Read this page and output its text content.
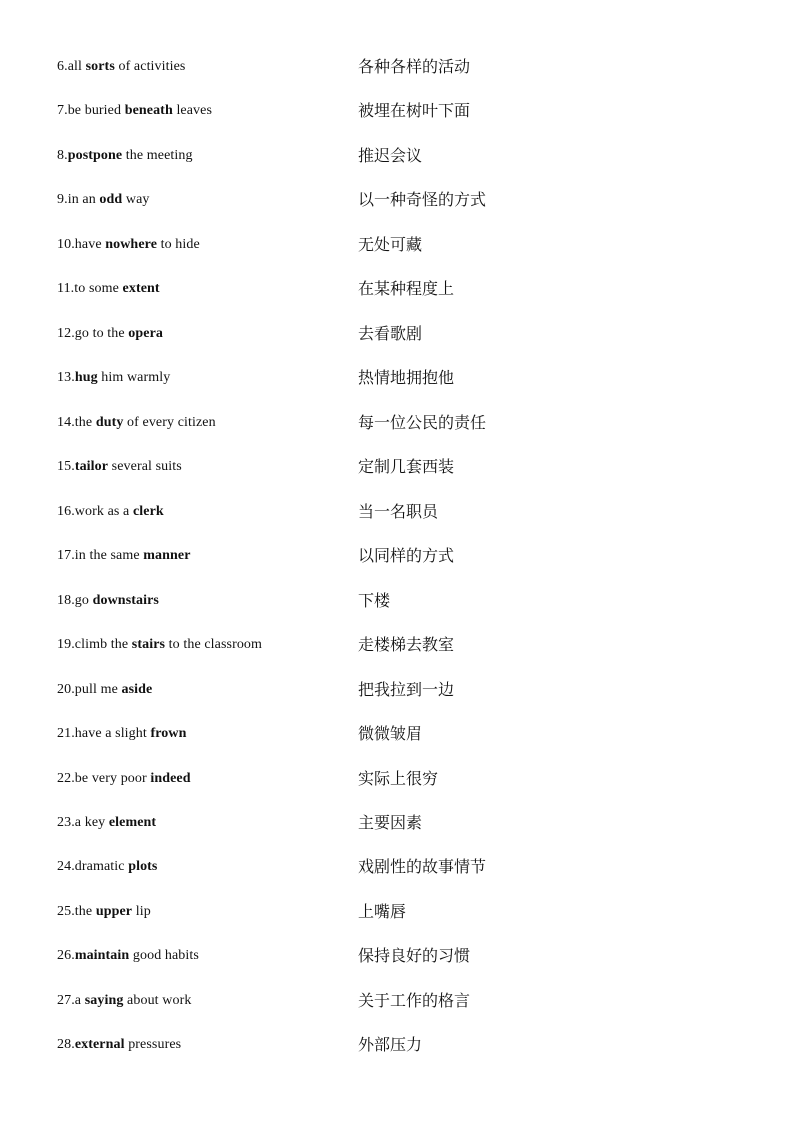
6.all sorts of activities	各种各样的活动
7.be buried beneath leaves	被埋在树叶下面
8.postpone the meeting	推迟会议
9.in an odd way	以一种奇怪的方式
10.have nowhere to hide	无处可藏
11.to some extent	在某种程度上
12.go to the opera	去看歌剧
13.hug him warmly	热情地拥抱他
14.the duty of every citizen	每一位公民的责任
15.tailor several suits	定制几套西装
16.work as a clerk	当一名职员
17.in the same manner	以同样的方式
18.go downstairs	下楼
19.climb the stairs to the classroom	走楼梯去教室
20.pull me aside	把我拉到一边
21.have a slight frown	微微皱眉
22.be very poor indeed	实际上很穷
23.a key element	主要因素
24.dramatic plots	戏剧性的故事情节
25.the upper lip	上嘴唇
26.maintain good habits	保持良好的习惯
27.a saying about work	关于工作的格言
28.external pressures	外部压力
